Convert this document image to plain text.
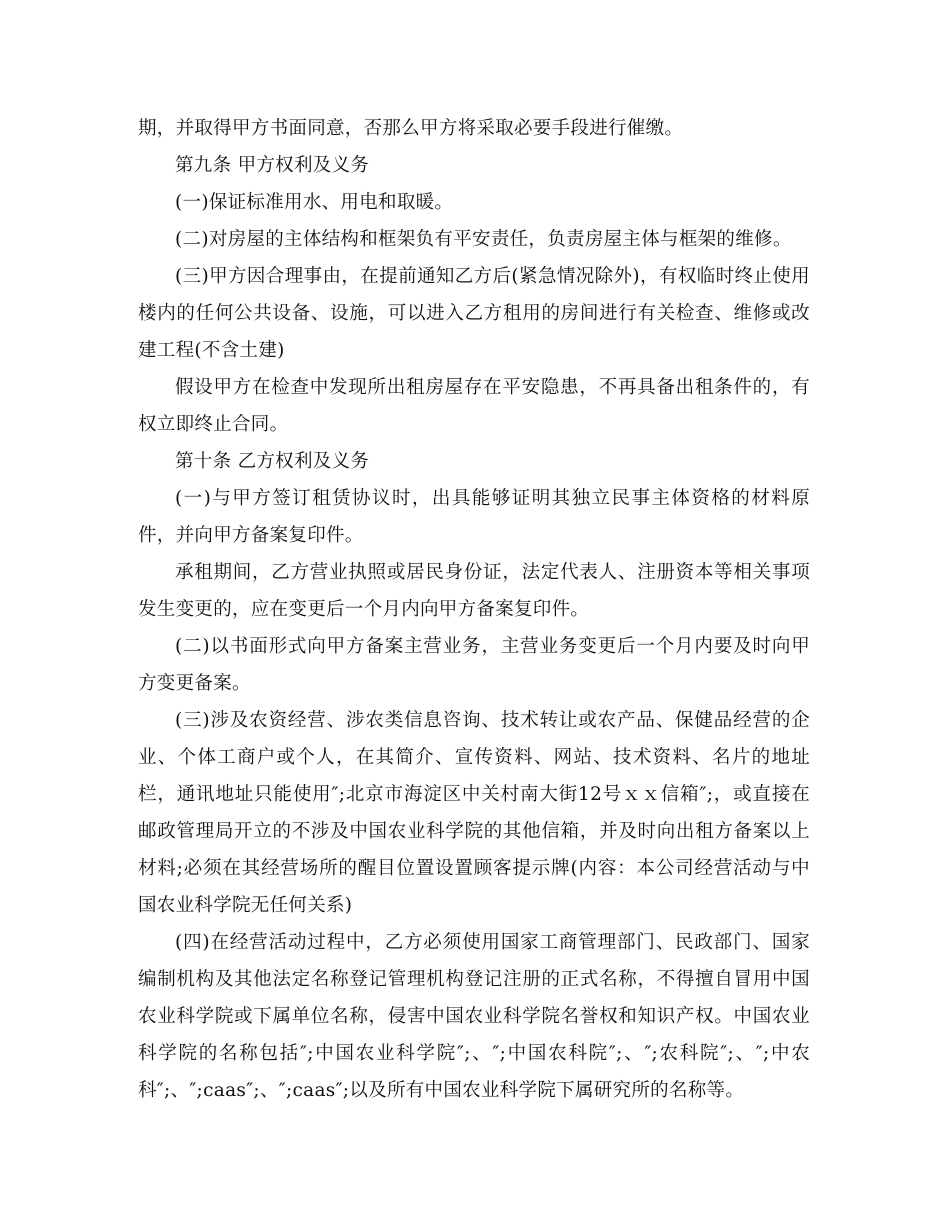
期，并取得甲方书面同意，否那么甲方将采取必要手段进行催缴。

第九条 甲方权利及义务

(一)保证标准用水、用电和取暖。

(二)对房屋的主体结构和框架负有平安责任，负责房屋主体与框架的维修。

(三)甲方因合理事由，在提前通知乙方后(紧急情况除外)，有权临时终止使用楼内的任何公共设备、设施，可以进入乙方租用的房间进行有关检查、维修或改建工程(不含土建)

假设甲方在检查中发现所出租房屋存在平安隐患，不再具备出租条件的，有权立即终止合同。

第十条 乙方权利及义务

(一)与甲方签订租赁协议时，出具能够证明其独立民事主体资格的材料原件，并向甲方备案复印件。

承租期间，乙方营业执照或居民身份证，法定代表人、注册资本等相关事项发生变更的，应在变更后一个月内向甲方备案复印件。

(二)以书面形式向甲方备案主营业务，主营业务变更后一个月内要及时向甲方变更备案。

(三)涉及农资经营、涉农类信息咨询、技术转让或农产品、保健品经营的企业、个体工商户或个人，在其简介、宣传资料、网站、技术资料、名片的地址栏，通讯地址只能使用″;北京市海淀区中关村南大街12号ｘｘ信箱″;，或直接在邮政管理局开立的不涉及中国农业科学院的其他信箱，并及时向出租方备案以上材料;必须在其经营场所的醒目位置设置顾客提示牌(内容：本公司经营活动与中国农业科学院无任何关系)

(四)在经营活动过程中，乙方必须使用国家工商管理部门、民政部门、国家编制机构及其他法定名称登记管理机构登记注册的正式名称，不得擅自冒用中国农业科学院或下属单位名称，侵害中国农业科学院名誉权和知识产权。中国农业科学院的名称包括″;中国农业科学院″;、″;中国农科院″;、″;农科院″;、″;中农科″;、″;caas″;、″;caas″;以及所有中国农业科学院下属研究所的名称等。
